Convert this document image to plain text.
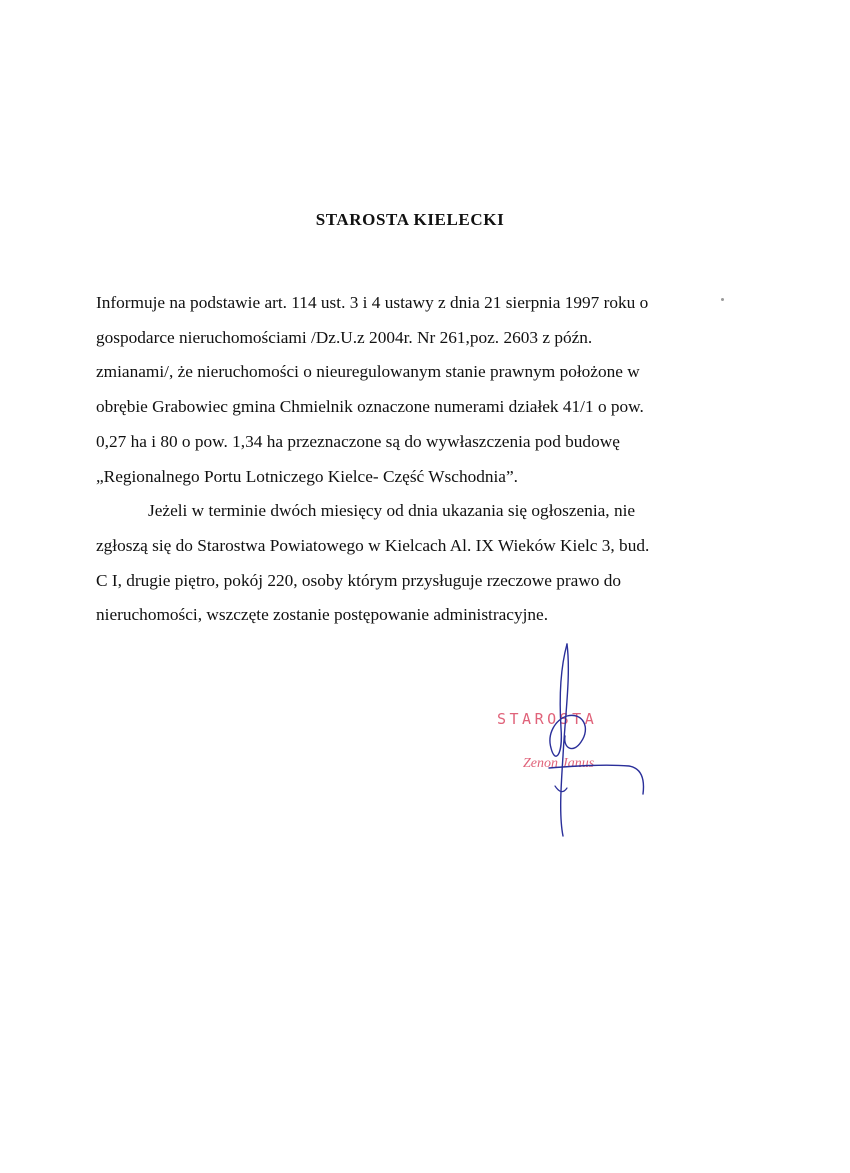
STAROSTA KIELECKI
Informuje na podstawie art. 114 ust. 3 i 4 ustawy z dnia 21 sierpnia 1997 roku o
gospodarce nieruchomościami /Dz.U.z 2004r. Nr 261,poz. 2603 z późn.
zmianami/, że nieruchomości o nieuregulowanym stanie prawnym położone w
obrębie Grabowiec gmina Chmielnik oznaczone numerami działek 41/1 o pow.
0,27 ha i 80 o pow. 1,34 ha przeznaczone są do wywłaszczenia pod budowę
„Regionalnego Portu Lotniczego Kielce- Część Wschodnia”.
Jeżeli w terminie dwóch miesięcy od dnia ukazania się ogłoszenia, nie
zgłoszą się do Starostwa Powiatowego w Kielcach Al. IX Wieków Kielc 3, bud.
C I, drugie piętro, pokój 220, osoby którym przysługuje rzeczowe prawo do
nieruchomości, wszczęte zostanie postępowanie administracyjne.
STAROSTA
Zenon Janus
